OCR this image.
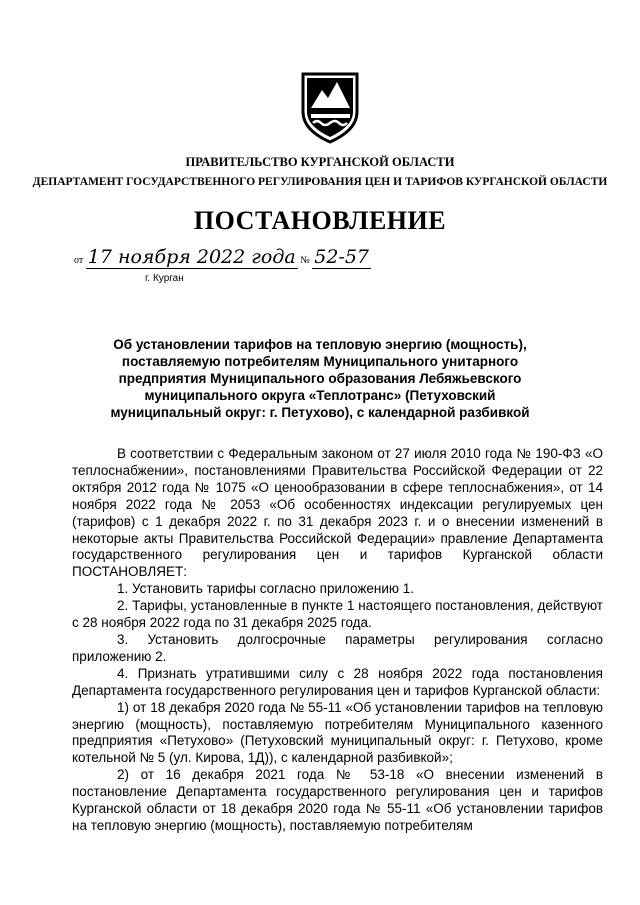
ПРАВИТЕЛЬСТВО КУРГАНСКОЙ ОБЛАСТИ
ДЕПАРТАМЕНТ ГОСУДАРСТВЕННОГО РЕГУЛИРОВАНИЯ ЦЕН И ТАРИФОВ КУРГАНСКОЙ ОБЛАСТИ
ПОСТАНОВЛЕНИЕ
от 17 ноября 2022 года № 52-57
г. Курган
Об установлении тарифов на тепловую энергию (мощность), поставляемую потребителям Муниципального унитарного предприятия Муниципального образования Лебяжьевского муниципального округа «Теплотранс» (Петуховский муниципальный округ: г. Петухово), с календарной разбивкой

В соответствии с Федеральным законом от 27 июля 2010 года № 190-ФЗ «О теплоснабжении», постановлениями Правительства Российской Федерации от 22 октября 2012 года № 1075 «О ценообразовании в сфере теплоснабжения», от 14 ноября 2022 года № 2053 «Об особенностях индексации регулируемых цен (тарифов) с 1 декабря 2022 г. по 31 декабря 2023 г. и о внесении изменений в некоторые акты Правительства Российской Федерации» правление Департамента государственного регулирования цен и тарифов Курганской области ПОСТАНОВЛЯЕТ:

1. Установить тарифы согласно приложению 1.

2. Тарифы, установленные в пункте 1 настоящего постановления, действуют с 28 ноября 2022 года по 31 декабря 2025 года.

3. Установить долгосрочные параметры регулирования согласно приложению 2.

4. Признать утратившими силу с 28 ноября 2022 года постановления Департамента государственного регулирования цен и тарифов Курганской области:

1) от 18 декабря 2020 года № 55-11 «Об установлении тарифов на тепловую энергию (мощность), поставляемую потребителям Муниципального казенного предприятия «Петухово» (Петуховский муниципальный округ: г. Петухово, кроме котельной № 5 (ул. Кирова, 1Д)), с календарной разбивкой»;

2) от 16 декабря 2021 года № 53-18 «О внесении изменений в постановление Департамента государственного регулирования цен и тарифов Курганской области от 18 декабря 2020 года № 55-11 «Об установлении тарифов на тепловую энергию (мощность), поставляемую потребителям
